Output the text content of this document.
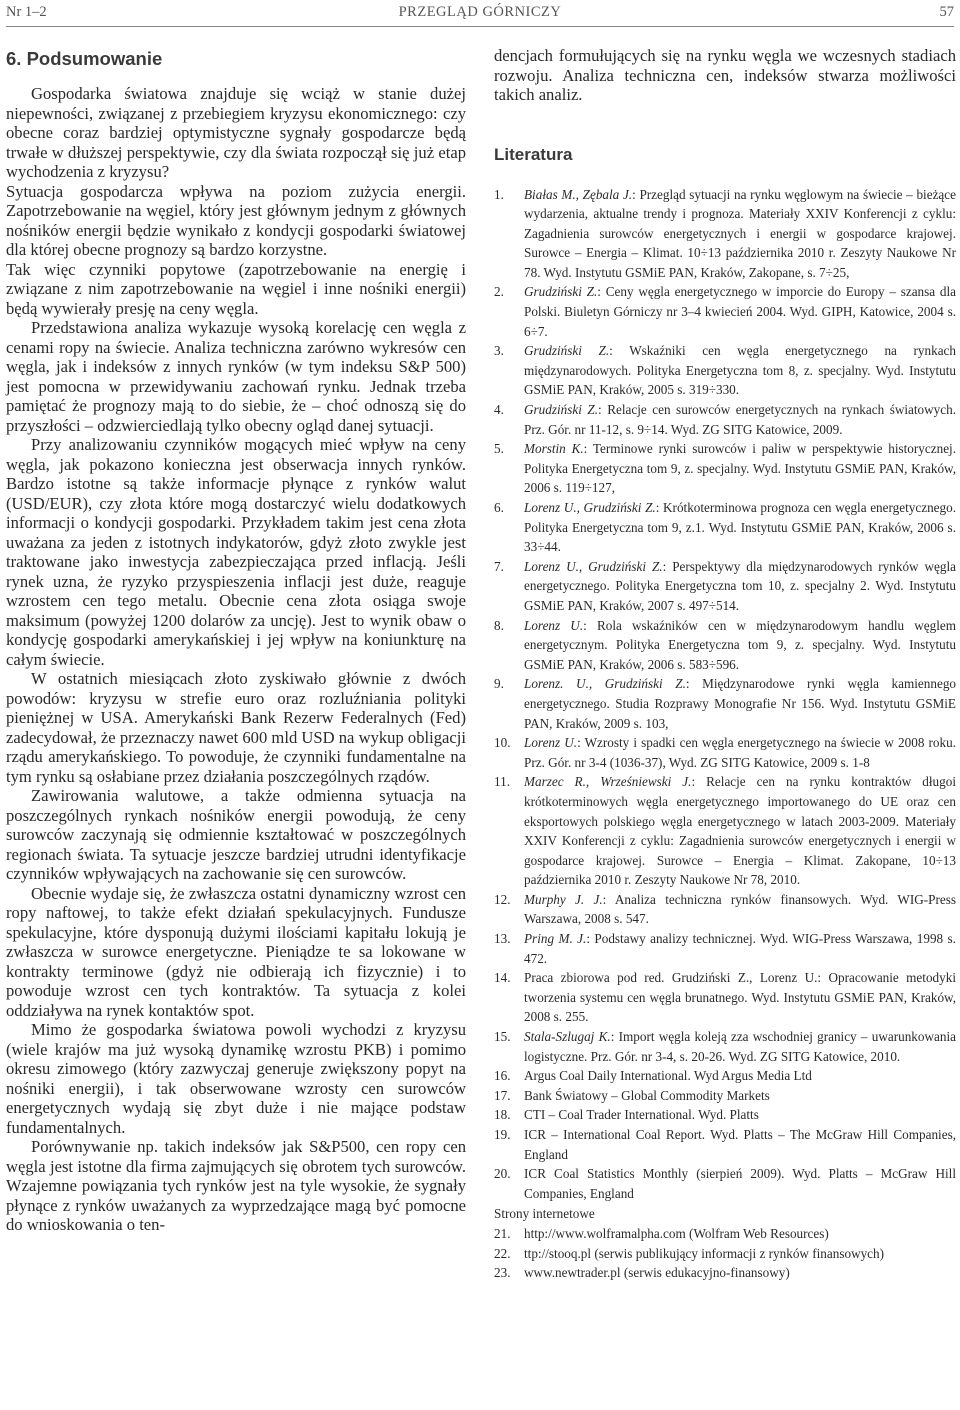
Nr 1–2	PRZEGLĄD GÓRNICZY	57
6. Podsumowanie

Gospodarka światowa znajduje się wciąż w stanie dużej niepewności, związanej z przebiegiem kryzysu ekonomicznego: czy obecne coraz bardziej optymistyczne sygnały gospodarcze będą trwałe w dłuższej perspektywie, czy dla świata rozpoczął się już etap wychodzenia z kryzysu?

Sytuacja gospodarcza wpływa na poziom zużycia energii. Zapotrzebowanie na węgiel, który jest głównym jednym z głównych nośników energii będzie wynikało z kondycji gospodarki światowej dla której obecne prognozy są bardzo korzystne.

Tak więc czynniki popytowe (zapotrzebowanie na energię i związane z nim zapotrzebowanie na węgiel i inne nośniki energii) będą wywierały presję na ceny węgla.

Przedstawiona analiza wykazuje wysoką korelację cen węgla z cenami ropy na świecie. Analiza techniczna zarówno wykresów cen węgla, jak i indeksów z innych rynków (w tym indeksu S&P 500) jest pomocna w przewidywaniu zachowań rynku. Jednak trzeba pamiętać że prognozy mają to do siebie, że – choć odnoszą się do przyszłości – odzwierciedlają tylko obecny ogląd danej sytuacji.

Przy analizowaniu czynników mogących mieć wpływ na ceny węgla, jak pokazono konieczna jest obserwacja innych rynków. Bardzo istotne są także informacje płynące z rynków walut (USD/EUR), czy złota które mogą dostarczyć wielu dodatkowych informacji o kondycji gospodarki. Przykładem takim jest cena złota uważana za jeden z istotnych indykatorów, gdyż złoto zwykle jest traktowane jako inwestycja zabezpieczająca przed inflacją. Jeśli rynek uzna, że ryzyko przyspieszenia inflacji jest duże, reaguje wzrostem cen tego metalu. Obecnie cena złota osiąga swoje maksimum (powyżej 1200 dolarów za uncję). Jest to wynik obaw o kondycję gospodarki amerykańskiej i jej wpływ na koniunkturę na całym świecie.

W ostatnich miesiącach złoto zyskiwało głównie z dwóch powodów: kryzysu w strefie euro oraz rozluźniania polityki pieniężnej w USA. Amerykański Bank Rezerw Federalnych (Fed) zadecydował, że przeznaczy nawet 600 mld USD na wykup obligacji rządu amerykańskiego. To powoduje, że czynniki fundamentalne na tym rynku są osłabiane przez działania poszczególnych rządów.

Zawirowania walutowe, a także odmienna sytuacja na poszczególnych rynkach nośników energii powodują, że ceny surowców zaczynają się odmiennie kształtować w poszczególnych regionach świata. Ta sytuacje jeszcze bardziej utrudni identyfikacje czynników wpływających na zachowanie się cen surowców.

Obecnie wydaje się, że zwłaszcza ostatni dynamiczny wzrost cen ropy naftowej, to także efekt działań spekulacyjnych. Fundusze spekulacyjne, które dysponują dużymi ilościami kapitału lokują je zwłaszcza w surowce energetyczne. Pieniądze te sa lokowane w kontrakty terminowe (gdyż nie odbierają ich fizycznie) i to powoduje wzrost cen tych kontraktów. Ta sytuacja z kolei oddziaływa na rynek kontaktów spot.

Mimo że gospodarka światowa powoli wychodzi z kryzysu (wiele krajów ma już wysoką dynamikę wzrostu PKB) i pomimo okresu zimowego (który zazwyczaj generuje zwiększony popyt na nośniki energii), i tak obserwowane wzrosty cen surowców energetycznych wydają się zbyt duże i nie mające podstaw fundamentalnych.

Porównywanie np. takich indeksów jak S&P500, cen ropy cen węgla jest istotne dla firma zajmujących się obrotem tych surowców. Wzajemne powiązania tych rynków jest na tyle wysokie, że sygnały płynące z rynków uważanych za wyprzedzające magą być pomocne do wnioskowania o ten-

dencjach formułujących się na rynku węgla we wczesnych stadiach rozwoju. Analiza techniczna cen, indeksów stwarza możliwości takich analiz.

Literatura
1.	Białas M., Zębala J.: Przegląd sytuacji na rynku węglowym na świecie – bieżące wydarzenia, aktualne trendy i prognoza. Materiały XXIV Konferencji z cyklu: Zagadnienia surowców energetycznych i energii w gospodarce krajowej. Surowce – Energia – Klimat. 10÷13 października 2010 r. Zeszyty Naukowe Nr 78. Wyd. Instytutu GSMiE PAN, Kraków, Zakopane, s. 7÷25,
2.	Grudziński Z.: Ceny węgla energetycznego w imporcie do Europy – szansa dla Polski. Biuletyn Górniczy nr 3–4 kwiecień 2004. Wyd. GIPH, Katowice, 2004 s. 6÷7.
3.	Grudziński Z.: Wskaźniki cen węgla energetycznego na rynkach międzynarodowych. Polityka Energetyczna tom 8, z. specjalny. Wyd. Instytutu GSMiE PAN, Kraków, 2005 s. 319÷330.
4.	Grudziński Z.: Relacje cen surowców energetycznych na rynkach światowych. Prz. Gór. nr 11-12, s. 9÷14. Wyd. ZG SITG Katowice, 2009.
5.	Morstin K.: Terminowe rynki surowców i paliw w perspektywie historycznej. Polityka Energetyczna tom 9, z. specjalny. Wyd. Instytutu GSMiE PAN, Kraków, 2006 s. 119÷127,
6.	Lorenz U., Grudziński Z.: Krótkoterminowa prognoza cen węgla energetycznego. Polityka Energetyczna tom 9, z.1. Wyd. Instytutu GSMiE PAN, Kraków, 2006 s. 33÷44.
7.	Lorenz U., Grudziński Z.: Perspektywy dla międzynarodowych rynków węgla energetycznego. Polityka Energetyczna tom 10, z. specjalny 2. Wyd. Instytutu GSMiE PAN, Kraków, 2007 s. 497÷514.
8.	Lorenz U.: Rola wskaźników cen w międzynarodowym handlu węglem energetycznym. Polityka Energetyczna tom 9, z. specjalny. Wyd. Instytutu GSMiE PAN, Kraków, 2006 s. 583÷596.
9.	Lorenz. U., Grudziński Z.: Międzynarodowe rynki węgla kamiennego energetycznego. Studia Rozprawy Monografie Nr 156. Wyd. Instytutu GSMiE PAN, Kraków, 2009 s. 103,
10.	Lorenz U.: Wzrosty i spadki cen węgla energetycznego na świecie w 2008 roku. Prz. Gór. nr 3-4 (1036-37), Wyd. ZG SITG Katowice, 2009 s. 1-8
11.	Marzec R., Wrześniewski J.: Relacje cen na rynku kontraktów długoi krótkoterminowych węgla energetycznego importowanego do UE oraz cen eksportowych polskiego węgla energetycznego w latach 2003-2009. Materiały XXIV Konferencji z cyklu: Zagadnienia surowców energetycznych i energii w gospodarce krajowej. Surowce – Energia – Klimat. Zakopane, 10÷13 października 2010 r. Zeszyty Naukowe Nr 78, 2010.
12.	Murphy J. J.: Analiza techniczna rynków finansowych. Wyd. WIG-Press Warszawa, 2008 s. 547.
13.	Pring M. J.: Podstawy analizy technicznej. Wyd. WIG-Press Warszawa, 1998 s. 472.
14.	Praca zbiorowa pod red. Grudziński Z., Lorenz U.: Opracowanie metodyki tworzenia systemu cen węgla brunatnego. Wyd. Instytutu GSMiE PAN, Kraków, 2008 s. 255.
15.	Stala-Szlugaj K.: Import węgla koleją zza wschodniej granicy – uwarunkowania logistyczne. Prz. Gór. nr 3-4, s. 20-26. Wyd. ZG SITG Katowice, 2010.
16.	Argus Coal Daily International. Wyd Argus Media Ltd
17.	Bank Światowy – Global Commodity Markets
18.	CTI – Coal Trader International. Wyd. Platts
19.	ICR – International Coal Report. Wyd. Platts – The McGraw Hill Companies, England
20.	ICR Coal Statistics Monthly (sierpień 2009). Wyd. Platts – McGraw Hill Companies, England
Strony internetowe
21.	http://www.wolframalpha.com (Wolfram Web Resources)
22.	ttp://stooq.pl (serwis publikujący informacji z rynków finansowych)
23.	www.newtrader.pl (serwis edukacyjno-finansowy)
